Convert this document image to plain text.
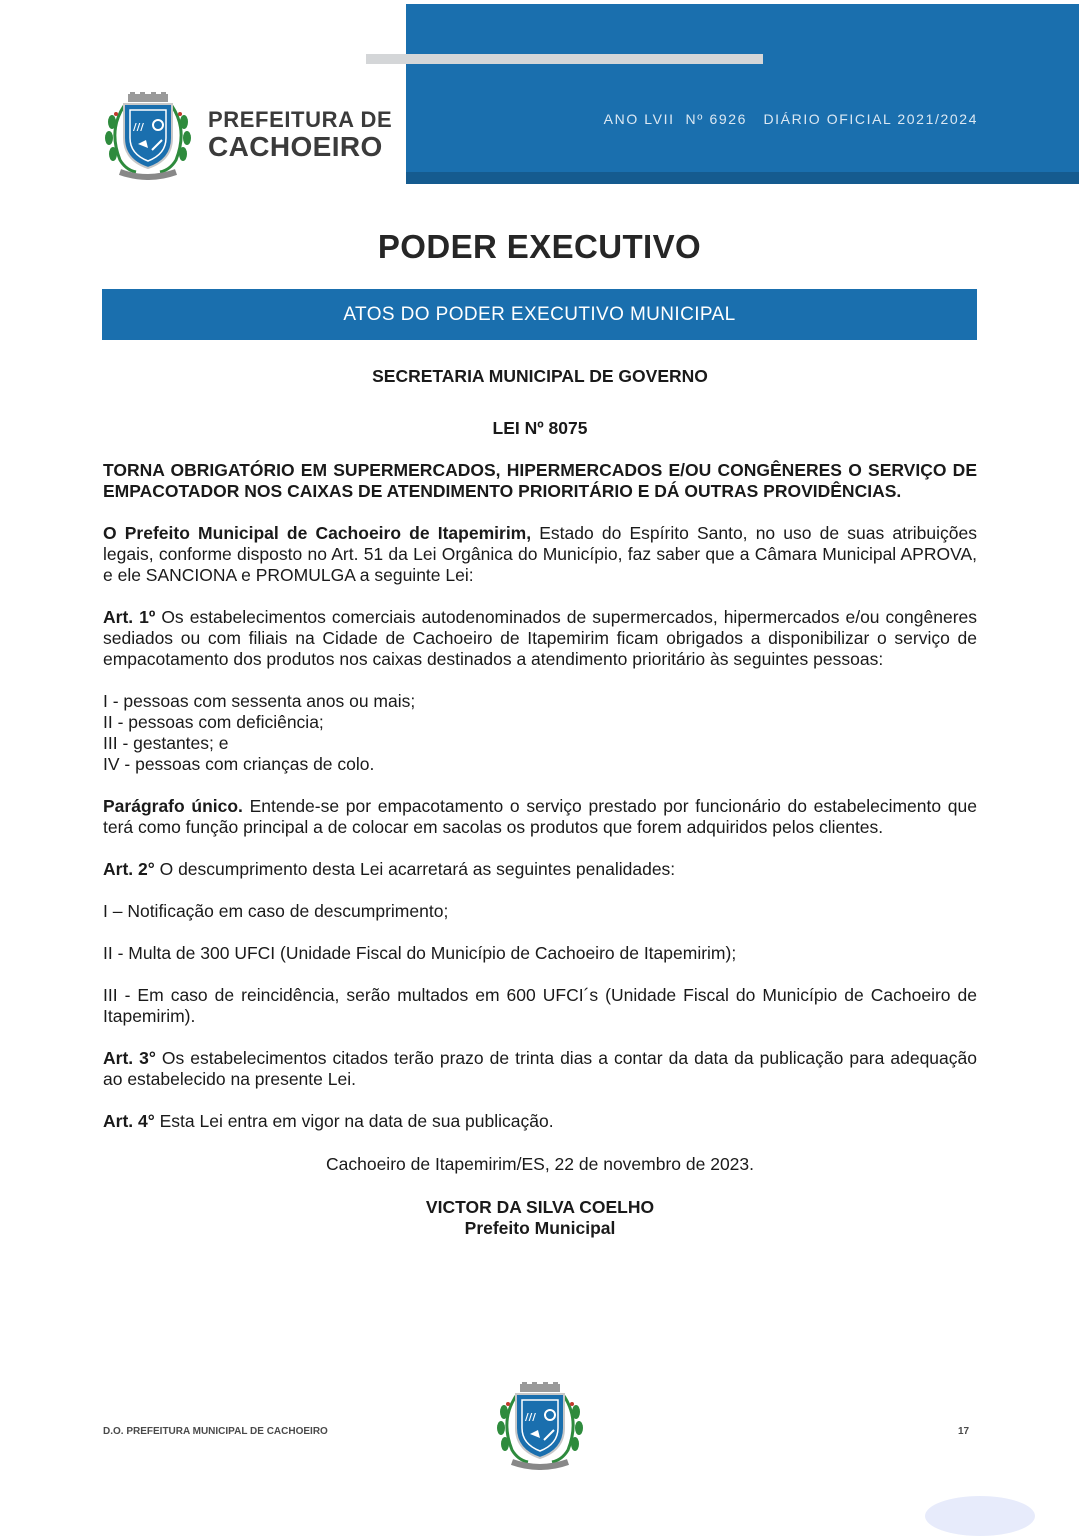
ANO LVII  Nº 6926   DIÁRIO OFICIAL 2021/2024
///	PREFEITURA DE
CACHOEIRO
PODER EXECUTIVO
ATOS DO PODER EXECUTIVO MUNICIPAL

SECRETARIA MUNICIPAL DE GOVERNO

LEI Nº 8075

TORNA OBRIGATÓRIO EM SUPERMERCADOS, HIPERMERCADOS E/OU CONGÊNERES O SERVIÇO DE EMPACOTADOR NOS CAIXAS DE ATENDIMENTO PRIORITÁRIO E DÁ OUTRAS PROVIDÊNCIAS.

O Prefeito Municipal de Cachoeiro de Itapemirim, Estado do Espírito Santo, no uso de suas atribuições legais, conforme disposto no Art. 51 da Lei Orgânica do Município, faz saber que a Câmara Municipal APROVA, e ele SANCIONA e PROMULGA a seguinte Lei:

Art. 1º Os estabelecimentos comerciais autodenominados de supermercados, hipermercados e/ou congêneres sediados ou com filiais na Cidade de Cachoeiro de Itapemirim ficam obrigados a disponibilizar o serviço de empacotamento dos produtos nos caixas destinados a atendimento prioritário às seguintes pessoas:

I - pessoas com sessenta anos ou mais;

II - pessoas com deficiência;

III - gestantes; e

IV - pessoas com crianças de colo.

Parágrafo único. Entende-se por empacotamento o serviço prestado por funcionário do estabelecimento que terá como função principal a de colocar em sacolas os produtos que forem adquiridos pelos clientes.

Art. 2° O descumprimento desta Lei acarretará as seguintes penalidades:

I – Notificação em caso de descumprimento;

II - Multa de 300 UFCI (Unidade Fiscal do Município de Cachoeiro de Itapemirim);

III - Em caso de reincidência, serão multados em 600 UFCI´s (Unidade Fiscal do Município de Cachoeiro de Itapemirim).

Art. 3° Os estabelecimentos citados terão prazo de trinta dias a contar da data da publicação para adequação ao estabelecido na presente Lei.

Art. 4° Esta Lei entra em vigor na data de sua publicação.

Cachoeiro de Itapemirim/ES, 22 de novembro de 2023.

VICTOR DA SILVA COELHO

Prefeito Municipal

D.O. PREFEITURA MUNICIPAL DE CACHOEIRO
///
17
